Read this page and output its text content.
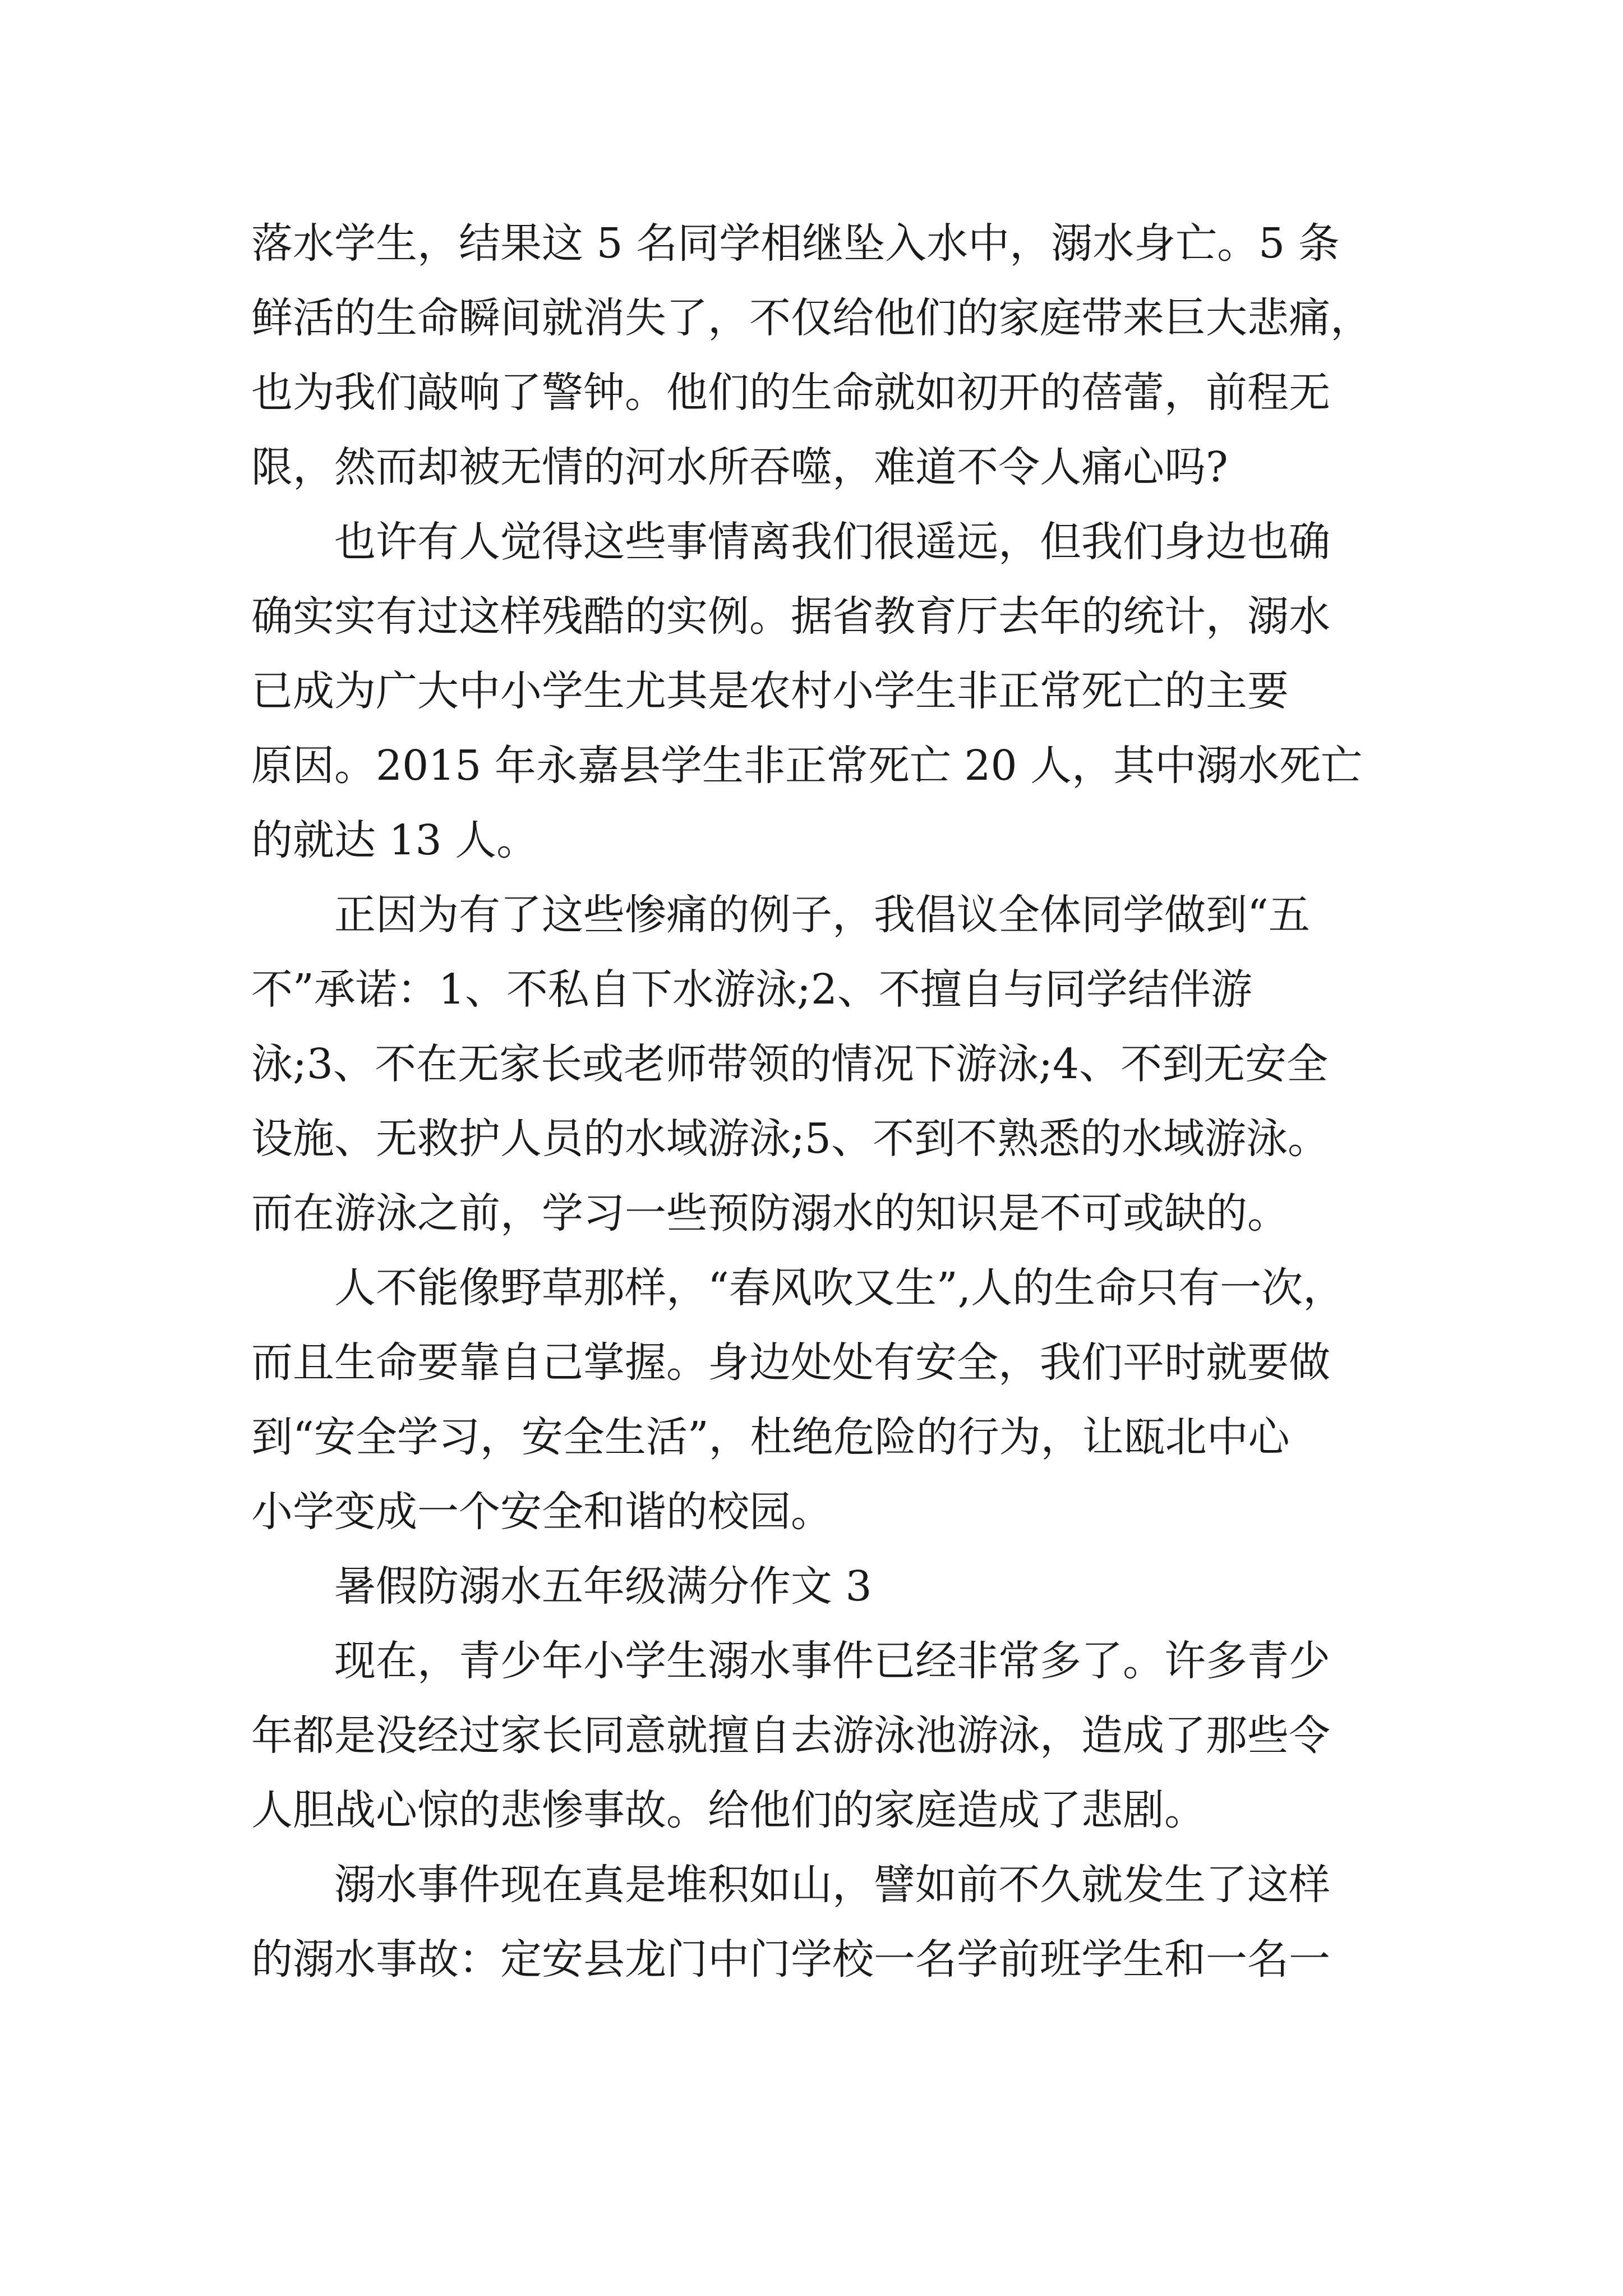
落水学生，结果这 5 名同学相继坠入水中，溺水身亡。5 条
鲜活的生命瞬间就消失了，不仅给他们的家庭带来巨大悲痛，
也为我们敲响了警钟。他们的生命就如初开的蓓蕾，前程无
限，然而却被无情的河水所吞噬，难道不令人痛心吗?
也许有人觉得这些事情离我们很遥远，但我们身边也确
确实实有过这样残酷的实例。据省教育厅去年的统计，溺水
已成为广大中小学生尤其是农村小学生非正常死亡的主要
原因。2015 年永嘉县学生非正常死亡 20 人，其中溺水死亡
的就达 13 人。
正因为有了这些惨痛的例子，我倡议全体同学做到“五
不”承诺：1、不私自下水游泳;2、不擅自与同学结伴游
泳;3、不在无家长或老师带领的情况下游泳;4、不到无安全
设施、无救护人员的水域游泳;5、不到不熟悉的水域游泳。
而在游泳之前，学习一些预防溺水的知识是不可或缺的。
人不能像野草那样，“春风吹又生”,人的生命只有一次，
而且生命要靠自己掌握。身边处处有安全，我们平时就要做
到“安全学习，安全生活”，杜绝危险的行为，让瓯北中心
小学变成一个安全和谐的校园。
暑假防溺水五年级满分作文 3
现在，青少年小学生溺水事件已经非常多了。许多青少
年都是没经过家长同意就擅自去游泳池游泳，造成了那些令
人胆战心惊的悲惨事故。给他们的家庭造成了悲剧。
溺水事件现在真是堆积如山，譬如前不久就发生了这样
的溺水事故：定安县龙门中门学校一名学前班学生和一名一
